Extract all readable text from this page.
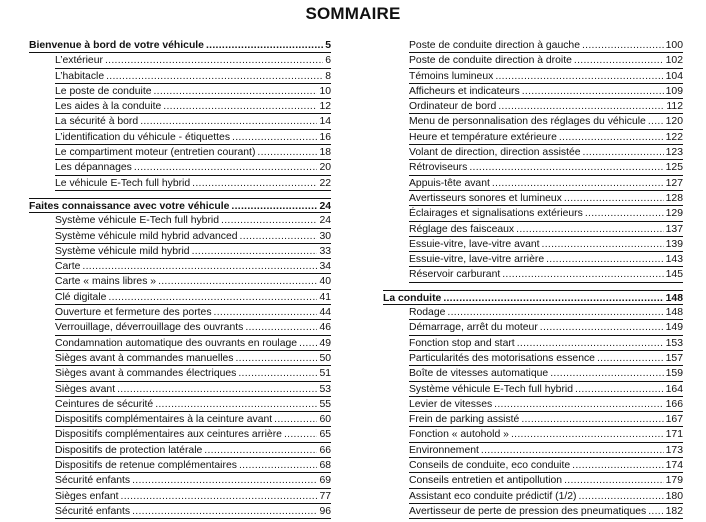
SOMMAIRE
Bienvenue à bord de votre véhicule .....	5
L’extérieur .....	6
L’habitacle .....	8
Le poste de conduite .....	10
Les aides à la conduite .....	12
La sécurité à bord .....	14
L’identification du véhicule - étiquettes .....	16
Le compartiment moteur (entretien courant) .....	18
Les dépannages .....	20
Le véhicule E-Tech full hybrid .....	22
Faites connaissance avec votre véhicule .....	24
Système véhicule E-Tech full hybrid .....	24
Système véhicule mild hybrid advanced .....	30
Système véhicule mild hybrid .....	33
Carte .....	34
Carte « mains libres » .....	40
Clé digitale .....	41
Ouverture et fermeture des portes .....	44
Verrouillage, déverrouillage des ouvrants .....	46
Condamnation automatique des ouvrants en roulage ..... 49
Sièges avant à commandes manuelles .....	50
Sièges avant à commandes électriques .....	51
Sièges avant .....	53
Ceintures de sécurité .....	55
Dispositifs complémentaires à la ceinture avant .....	60
Dispositifs complémentaires aux ceintures arrière .....	65
Dispositifs de protection latérale .....	66
Dispositifs de retenue complémentaires .....	68
Sécurité enfants .....	69
Sièges enfant .....	77
Sécurité enfants .....	96
Poste de conduite direction à gauche .....	100
Poste de conduite direction à droite .....	102
Témoins lumineux .....	104
Afficheurs et indicateurs .....	109
Ordinateur de bord .....	112
Menu de personnalisation des réglages du véhicule ..... 120
Heure et température extérieure .....	122
Volant de direction, direction assistée .....	123
Rétroviseurs .....	125
Appuis-tête avant .....	127
Avertisseurs sonores et lumineux .....	128
Éclairages et signalisations extérieurs .....	129
Réglage des faisceaux .....	137
Essuie-vitre, lave-vitre avant .....	139
Essuie-vitre, lave-vitre arrière .....	143
Réservoir carburant .....	145
La conduite .....	148
Rodage .....	148
Démarrage, arrêt du moteur .....	149
Fonction stop and start .....	153
Particularités des motorisations essence .....	157
Boîte de vitesses automatique .....	159
Système véhicule E-Tech full hybrid .....	164
Levier de vitesses .....	166
Frein de parking assisté .....	167
Fonction « autohold » .....	171
Environnement .....	173
Conseils de conduite, eco conduite .....	174
Conseils entretien et antipollution .....	179
Assistant eco conduite prédictif (1/2) .....	180
Avertisseur de perte de pression des pneumatiques ..... 182
